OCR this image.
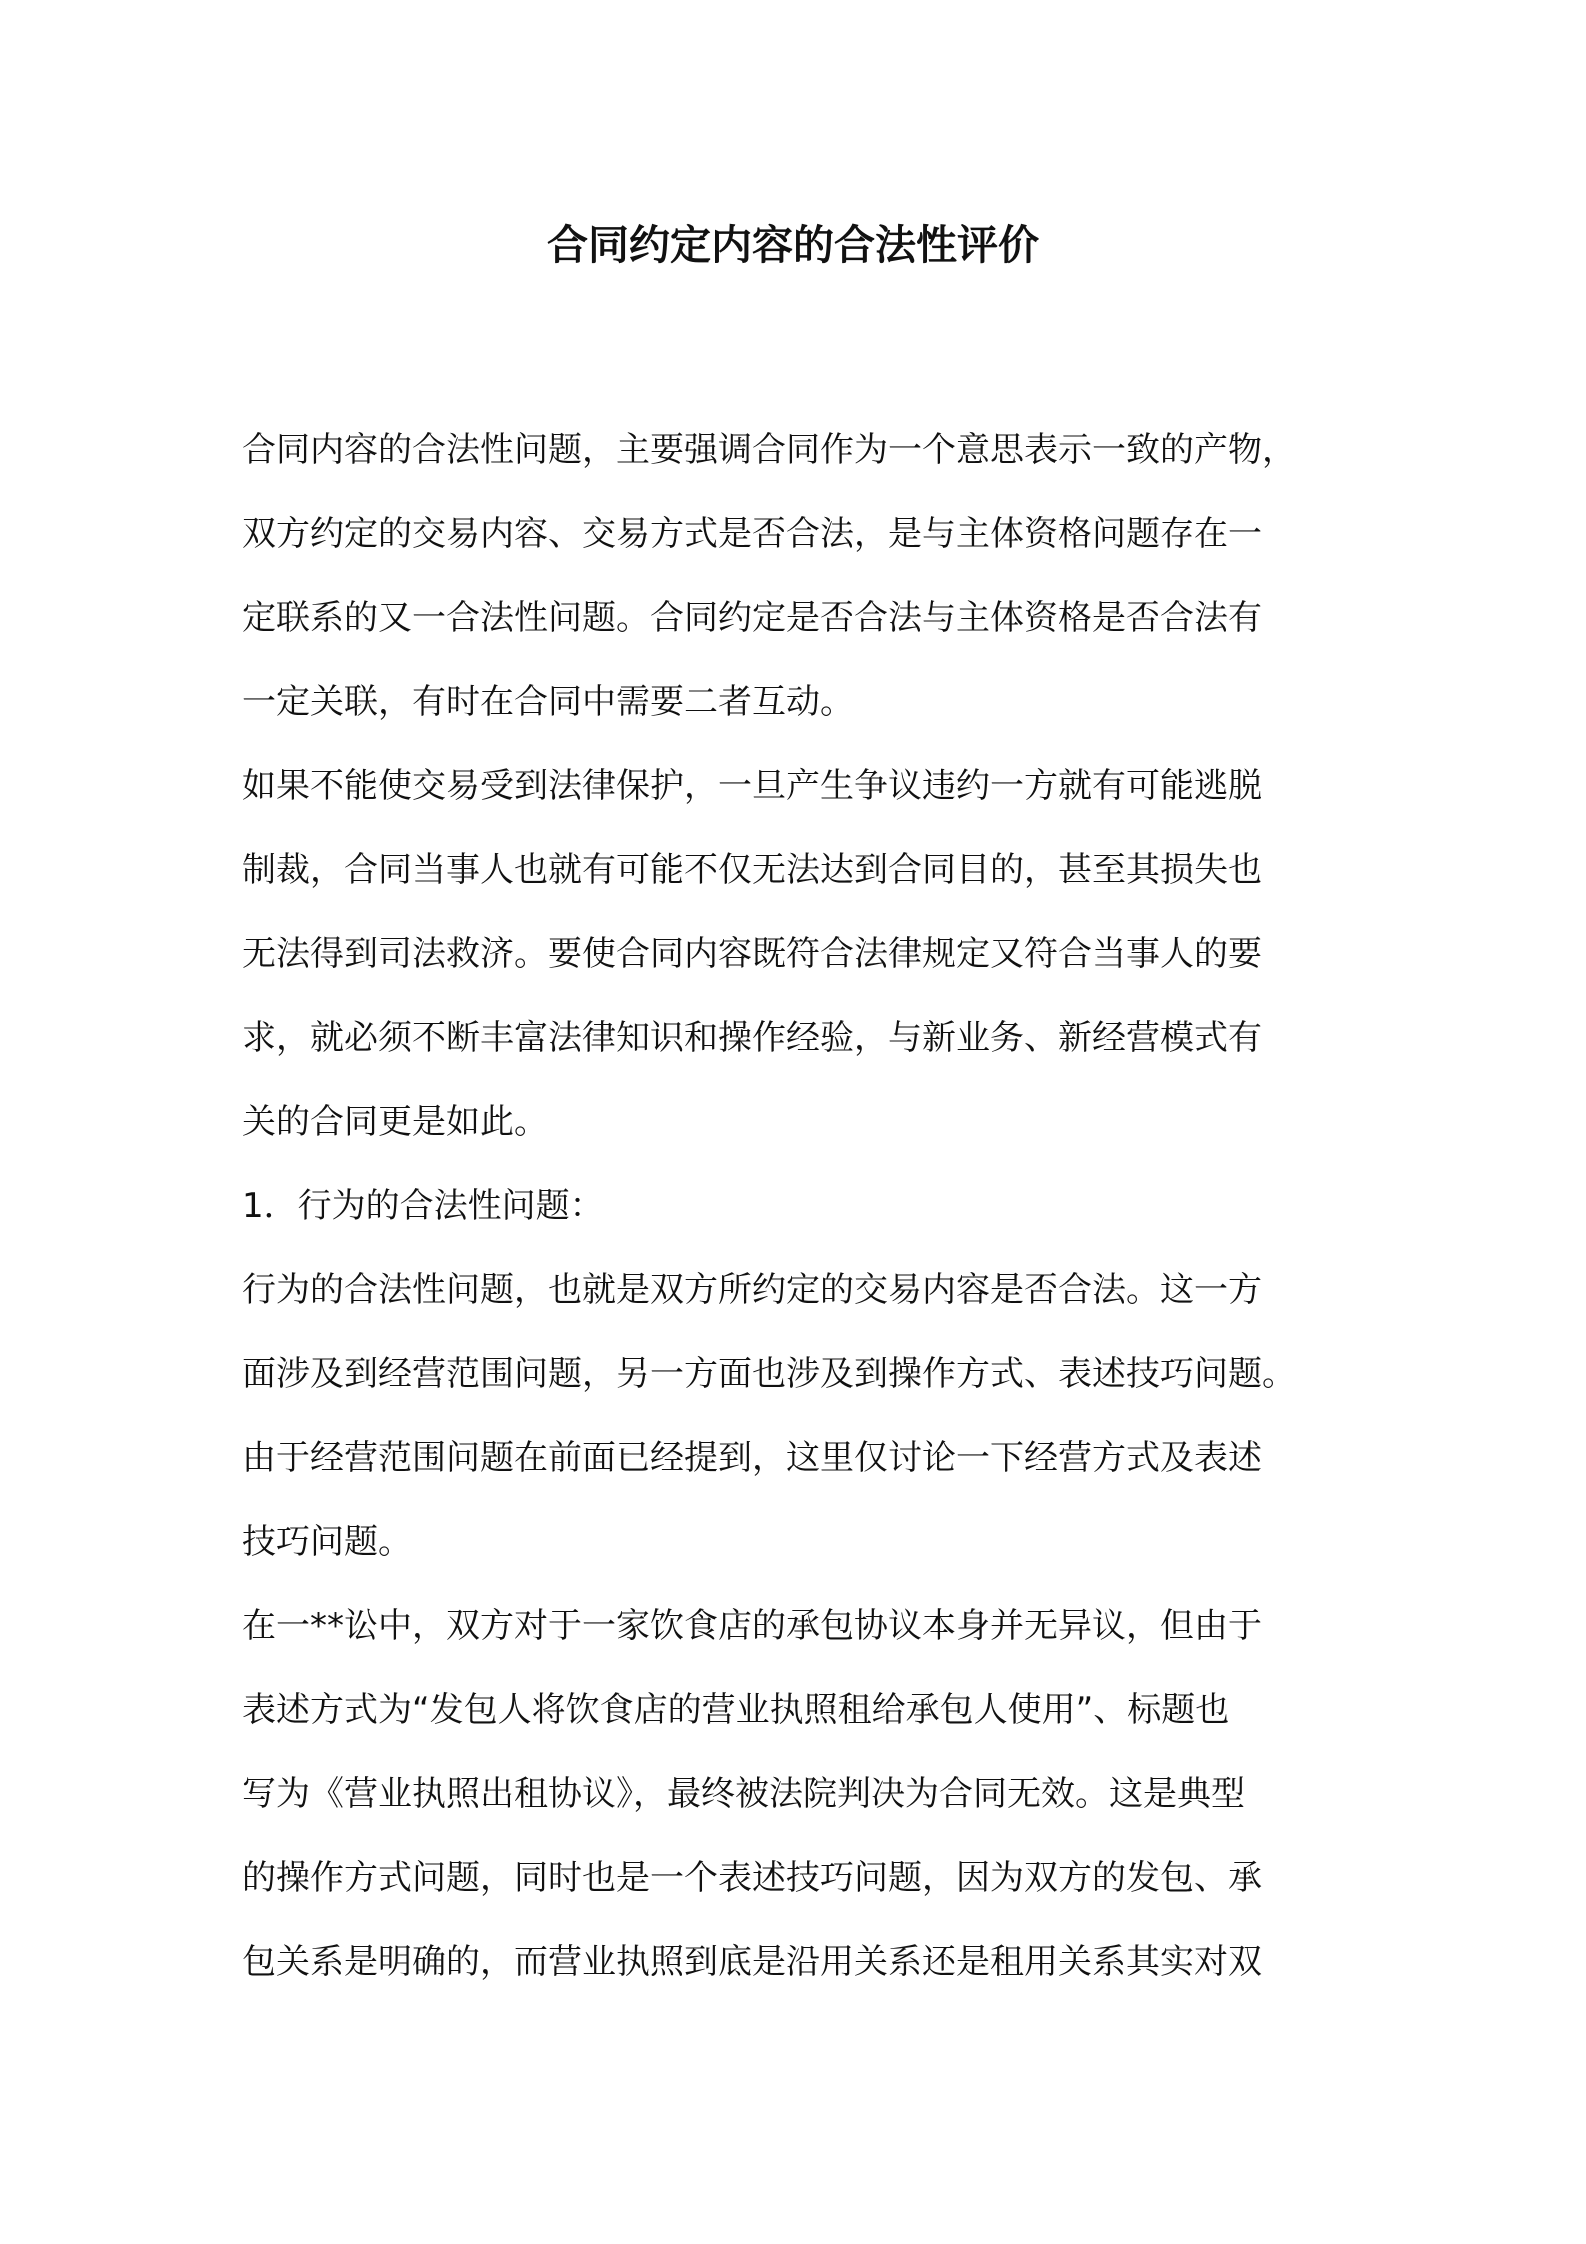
合同约定内容的合法性评价
合同内容的合法性问题，主要强调合同作为一个意思表示一致的产物，
双方约定的交易内容、交易方式是否合法，是与主体资格问题存在一
定联系的又一合法性问题。合同约定是否合法与主体资格是否合法有
一定关联，有时在合同中需要二者互动。
如果不能使交易受到法律保护，一旦产生争议违约一方就有可能逃脱
制裁，合同当事人也就有可能不仅无法达到合同目的，甚至其损失也
无法得到司法救济。要使合同内容既符合法律规定又符合当事人的要
求，就必须不断丰富法律知识和操作经验，与新业务、新经营模式有
关的合同更是如此。
1．行为的合法性问题：
行为的合法性问题，也就是双方所约定的交易内容是否合法。这一方
面涉及到经营范围问题，另一方面也涉及到操作方式、表述技巧问题。
由于经营范围问题在前面已经提到，这里仅讨论一下经营方式及表述
技巧问题。
在一**讼中，双方对于一家饮食店的承包协议本身并无异议，但由于
表述方式为“发包人将饮食店的营业执照租给承包人使用”、标题也
写为《营业执照出租协议》，最终被法院判决为合同无效。这是典型
的操作方式问题，同时也是一个表述技巧问题，因为双方的发包、承
包关系是明确的，而营业执照到底是沿用关系还是租用关系其实对双
